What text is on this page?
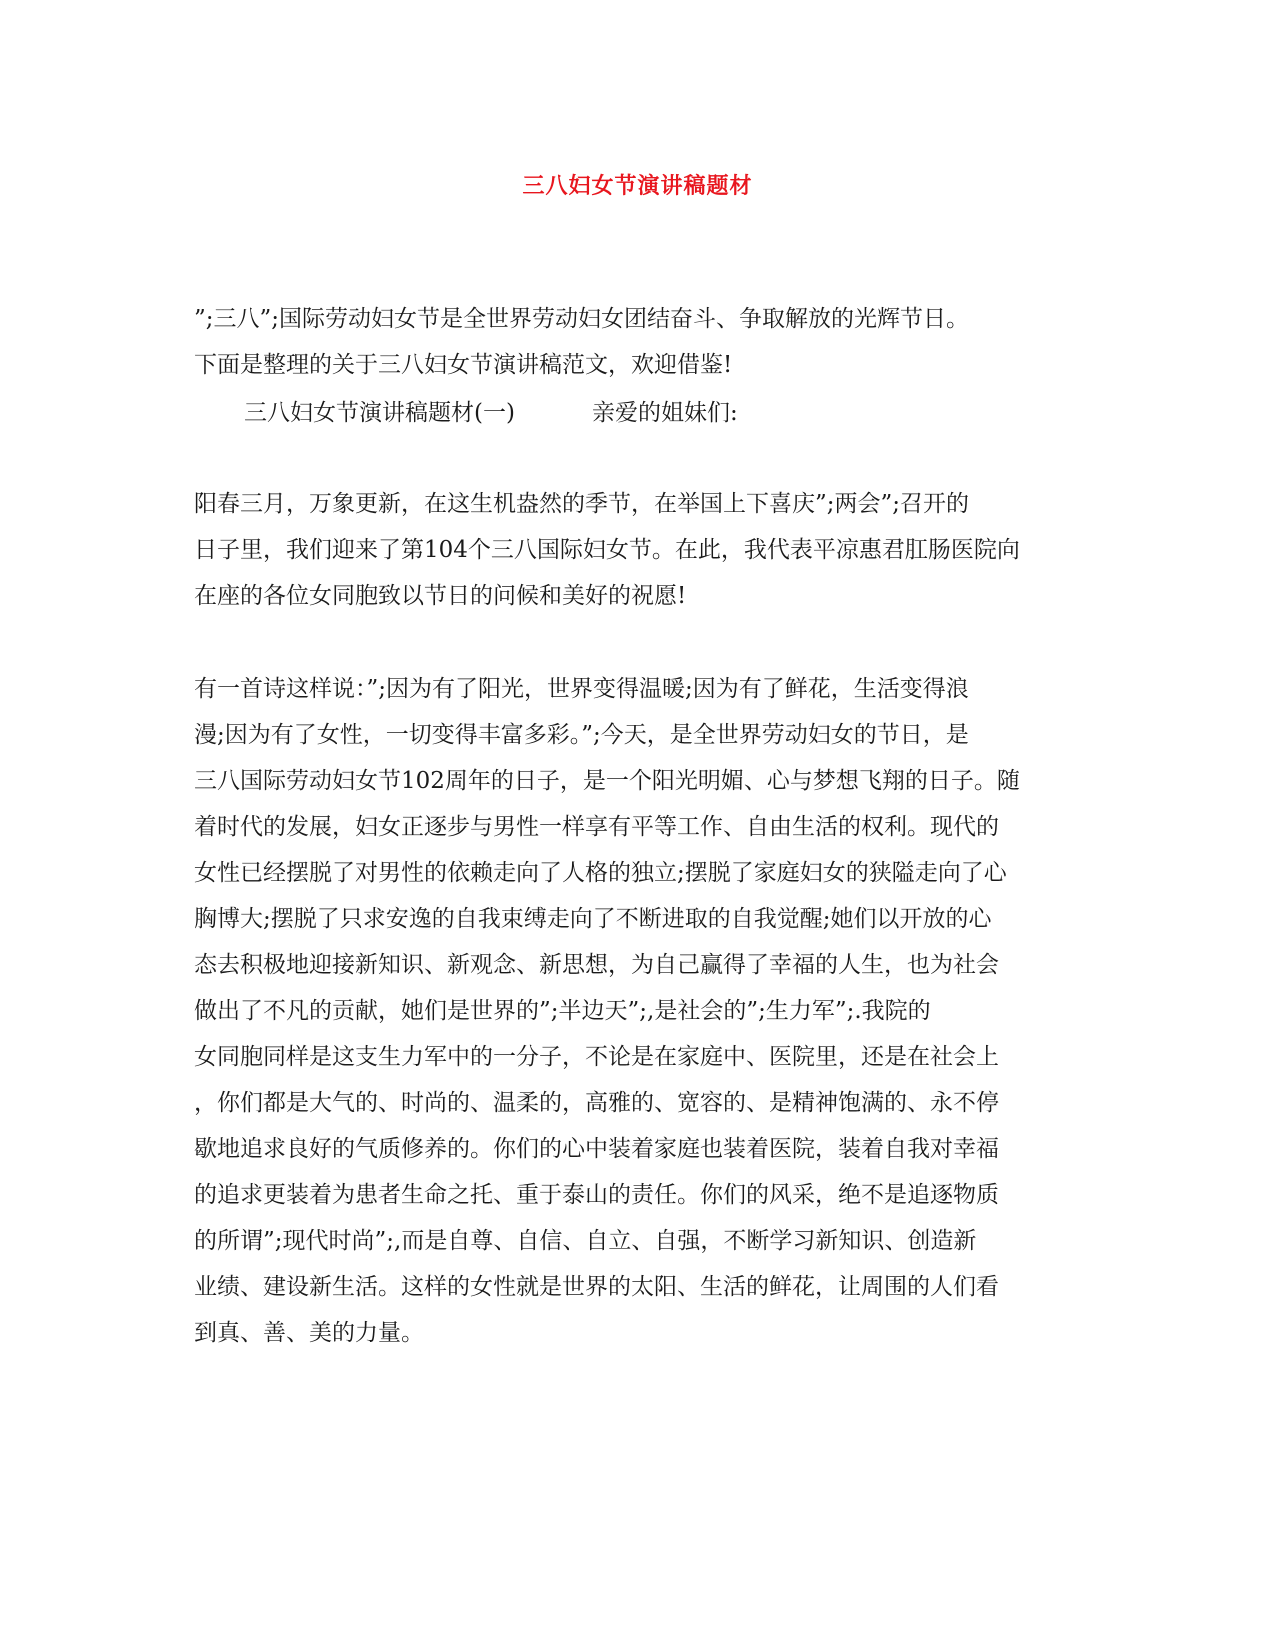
三八妇女节演讲稿题材
”;三八”;国际劳动妇女节是全世界劳动妇女团结奋斗、争取解放的光辉节日。
下面是整理的关于三八妇女节演讲稿范文，欢迎借鉴!
三八妇女节演讲稿题材(一)	亲爱的姐妹们:
阳春三月，万象更新，在这生机盎然的季节，在举国上下喜庆”;两会”;召开的
日子里，我们迎来了第104个三八国际妇女节。在此，我代表平凉惠君肛肠医院向
在座的各位女同胞致以节日的问候和美好的祝愿!
有一首诗这样说：”;因为有了阳光，世界变得温暖;因为有了鲜花，生活变得浪
漫;因为有了女性，一切变得丰富多彩。”;今天，是全世界劳动妇女的节日，是
三八国际劳动妇女节102周年的日子，是一个阳光明媚、心与梦想飞翔的日子。随
着时代的发展，妇女正逐步与男性一样享有平等工作、自由生活的权利。现代的
女性已经摆脱了对男性的依赖走向了人格的独立;摆脱了家庭妇女的狭隘走向了心
胸博大;摆脱了只求安逸的自我束缚走向了不断进取的自我觉醒;她们以开放的心
态去积极地迎接新知识、新观念、新思想，为自己赢得了幸福的人生，也为社会
做出了不凡的贡献，她们是世界的”;半边天”;,是社会的”;生力军”;.我院的
女同胞同样是这支生力军中的一分子，不论是在家庭中、医院里，还是在社会上
，你们都是大气的、时尚的、温柔的，高雅的、宽容的、是精神饱满的、永不停
歇地追求良好的气质修养的。你们的心中装着家庭也装着医院，装着自我对幸福
的追求更装着为患者生命之托、重于泰山的责任。你们的风采，绝不是追逐物质
的所谓”;现代时尚”;,而是自尊、自信、自立、自强，不断学习新知识、创造新
业绩、建设新生活。这样的女性就是世界的太阳、生活的鲜花，让周围的人们看
到真、善、美的力量。
